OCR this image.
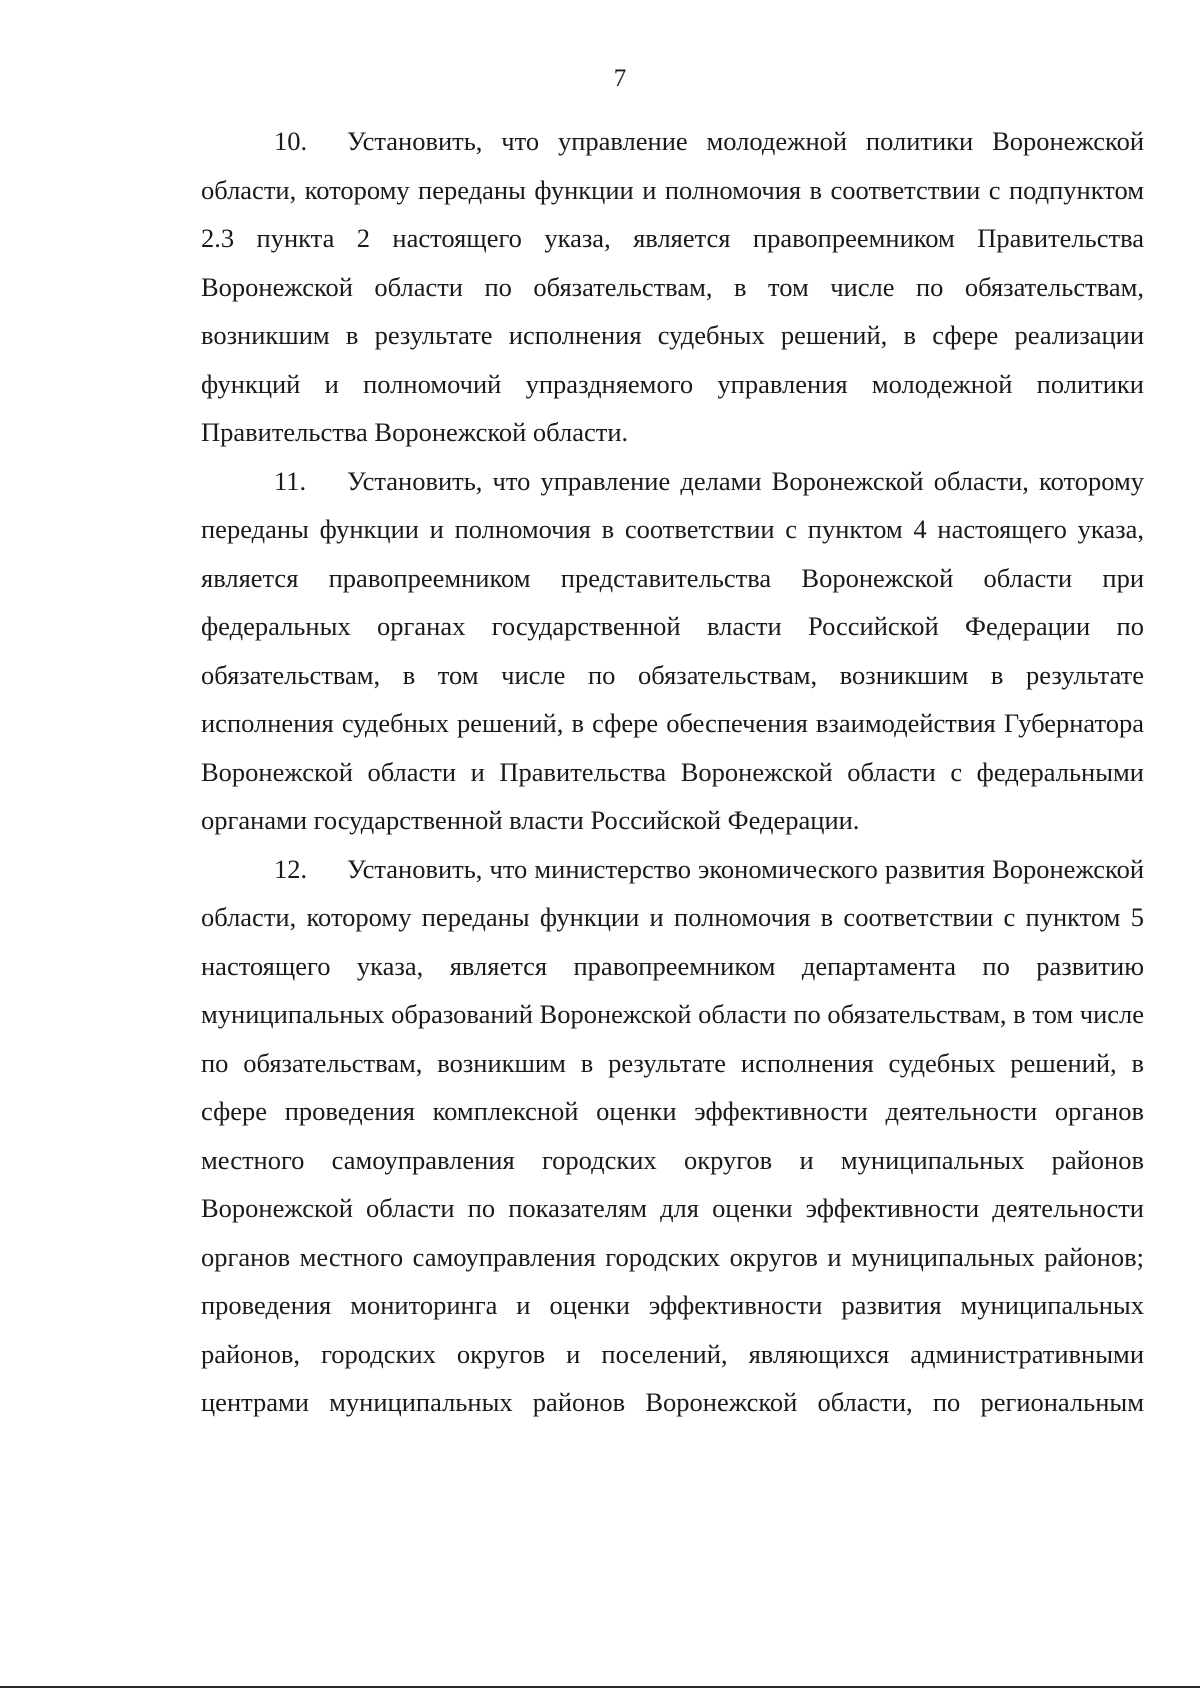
7

10. Установить, что управление молодежной политики Воронежской области, которому переданы функции и полномочия в соответствии с подпунктом 2.3 пункта 2 настоящего указа, является правопреемником Правительства Воронежской области по обязательствам, в том числе по обязательствам, возникшим в результате исполнения судебных решений, в сфере реализации функций и полномочий упраздняемого управления молодежной политики Правительства Воронежской области.

11. Установить, что управление делами Воронежской области, которому переданы функции и полномочия в соответствии с пунктом 4 настоящего указа, является правопреемником представительства Воронежской области при федеральных органах государственной власти Российской Федерации по обязательствам, в том числе по обязательствам, возникшим в результате исполнения судебных решений, в сфере обеспечения взаимодействия Губернатора Воронежской области и Правительства Воронежской области с федеральными органами государственной власти Российской Федерации.

12. Установить, что министерство экономического развития Воронежской области, которому переданы функции и полномочия в соответствии с пунктом 5 настоящего указа, является правопреемником департамента по развитию муниципальных образований Воронежской области по обязательствам, в том числе по обязательствам, возникшим в результате исполнения судебных решений, в сфере проведения комплексной оценки эффективности деятельности органов местного самоуправления городских округов и муниципальных районов Воронежской области по показателям для оценки эффективности деятельности органов местного самоуправления городских округов и муниципальных районов; проведения мониторинга и оценки эффективности развития муниципальных районов, городских округов и поселений, являющихся административными центрами муниципальных районов Воронежской области, по региональным
